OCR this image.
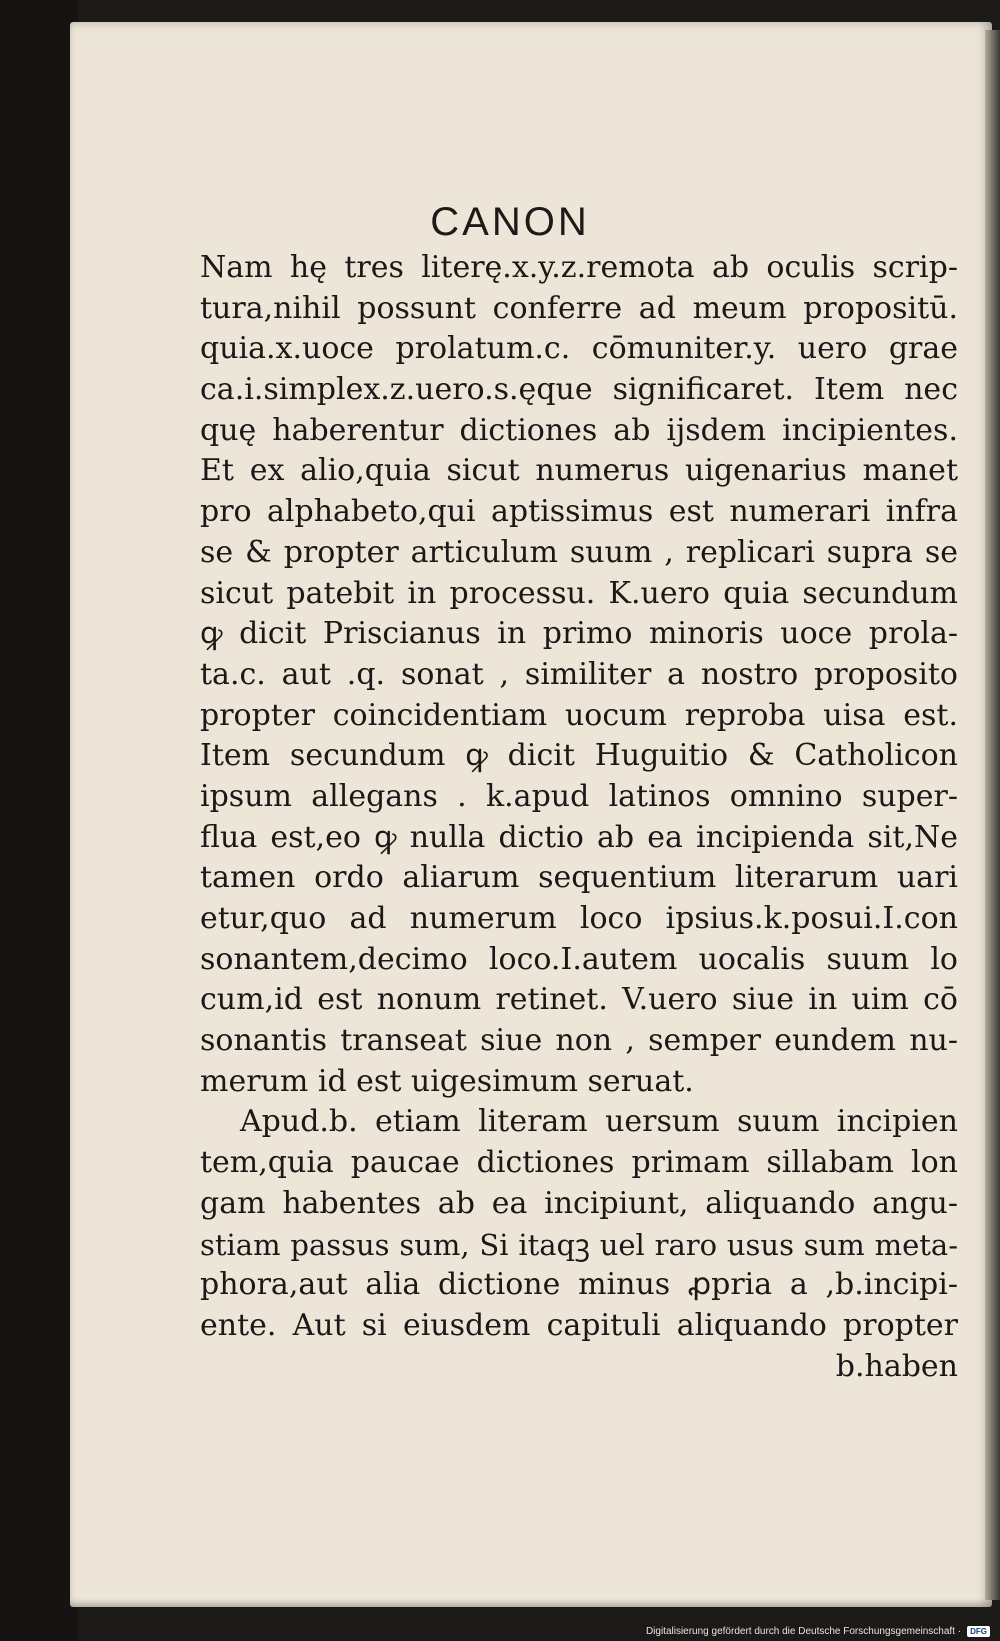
CANON
Nam hę tres literę.x.y.z.remota ab oculis scrip-
tura,nihil possunt conferre ad meum propositū.
quia.x.uoce prolatum.c. cōmuniter.y. uero grae
ca.i.simplex.z.uero.s.ęque significaret. Item nec
quę haberentur dictiones ab ijsdem incipientes.
Et ex alio,quia sicut numerus uigenarius manet
pro alphabeto,qui aptissimus est numerari infra
se & propter articulum suum , replicari supra se
sicut patebit in processu. K.uero quia secundum
ꝙ dicit Priscianus in primo minoris uoce prola-
ta.c. aut .q. sonat , similiter a nostro proposito
propter coincidentiam uocum reproba uisa est.
Item secundum ꝙ dicit Huguitio & Catholicon
ipsum allegans . k.apud latinos omnino super-
flua est,eo ꝙ nulla dictio ab ea incipienda sit,Ne
tamen ordo aliarum sequentium literarum uari
etur,quo ad numerum loco ipsius.k.posui.I.con
sonantem,decimo loco.I.autem uocalis suum lo
cum,id est nonum retinet. V.uero siue in uim cō
sonantis transeat siue non , semper eundem nu-
merum id est uigesimum seruat.
Apud.b. etiam literam uersum suum incipien
tem,quia paucae dictiones primam sillabam lon
gam habentes ab ea incipiunt, aliquando angu-
stiam passus sum, Si itaqꝫ uel raro usus sum meta-
phora,aut alia dictione minus ꝓpria a ,b.incipi-
ente. Aut si eiusdem capituli aliquando propter
b.haben
Digitalisierung gefördert durch die Deutsche Forschungsgemeinschaft ·	DFG
